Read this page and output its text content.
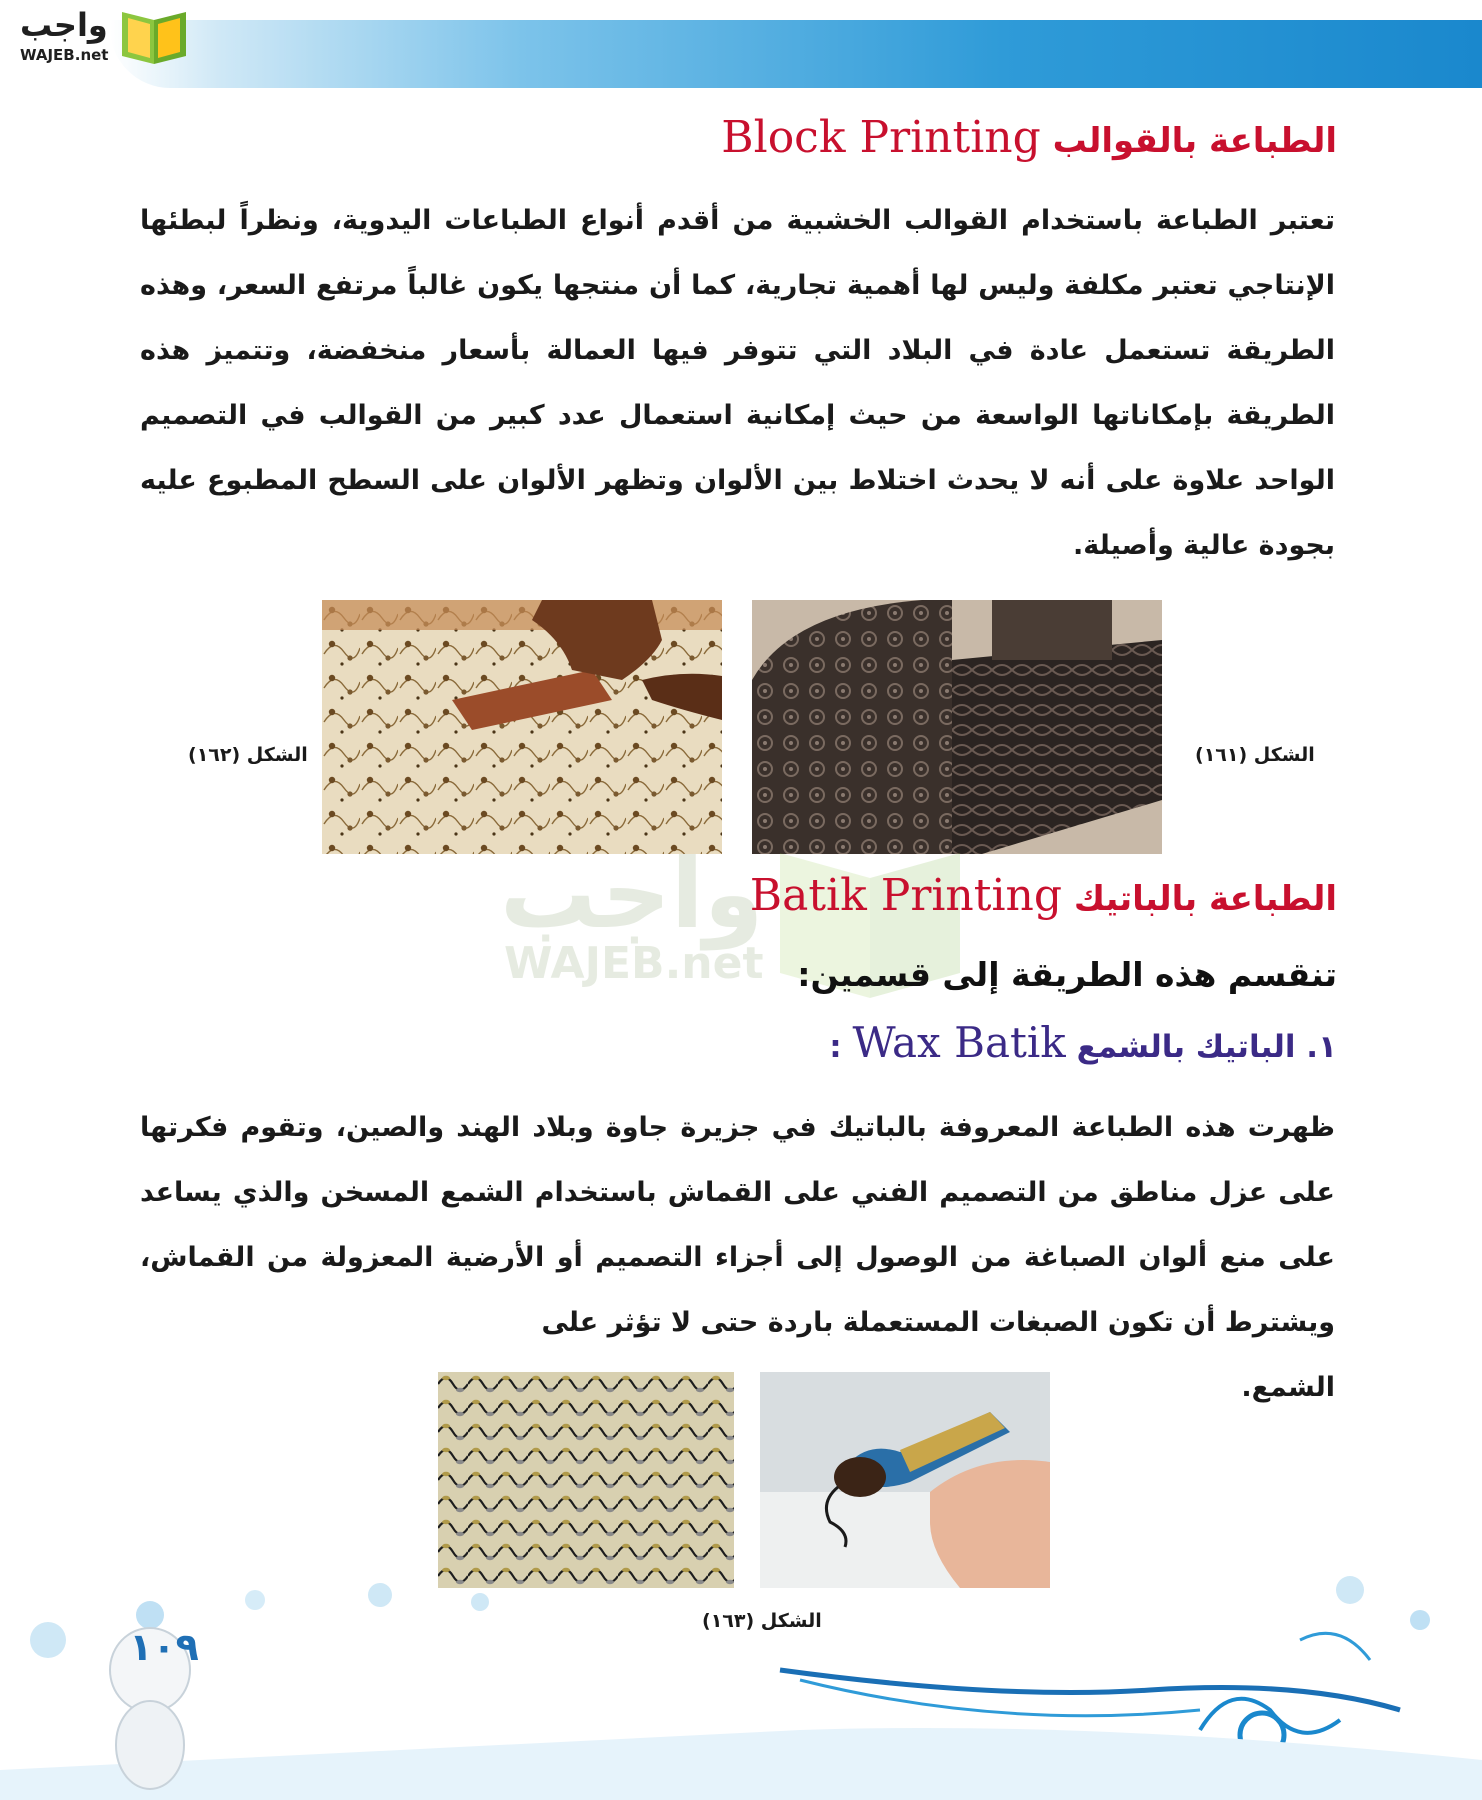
واجب
WAJEB.net
الطباعة بالقوالب Block Printing
تعتبر الطباعة باستخدام القوالب الخشبية من أقدم أنواع الطباعات اليدوية، ونظراً لبطئها الإنتاجي تعتبر مكلفة وليس لها أهمية تجارية، كما أن منتجها يكون غالباً مرتفع السعر، وهذه الطريقة تستعمل عادة في البلاد التي تتوفر فيها العمالة بأسعار منخفضة، وتتميز هذه الطريقة بإمكاناتها الواسعة من حيث إمكانية استعمال عدد كبير من القوالب في التصميم الواحد علاوة على أنه لا يحدث اختلاط بين الألوان وتظهر الألوان على السطح المطبوع عليه بجودة عالية وأصيلة.
الشكل (١٦٢)	الشكل (١٦١)
واجب
WAJEB.net
الطباعة بالباتيك Batik Printing
تنقسم هذه الطريقة إلى قسمين:
١. الباتيك بالشمع Wax Batik :
ظهرت هذه الطباعة المعروفة بالباتيك في جزيرة جاوة وبلاد الهند والصين، وتقوم فكرتها على عزل مناطق من التصميم الفني على القماش باستخدام الشمع المسخن والذي يساعد على منع ألوان الصباغة من الوصول إلى أجزاء التصميم أو الأرضية المعزولة من القماش، ويشترط أن تكون الصبغات المستعملة باردة حتى لا تؤثر على
الشمع.
الشكل (١٦٣)
١٠٩
